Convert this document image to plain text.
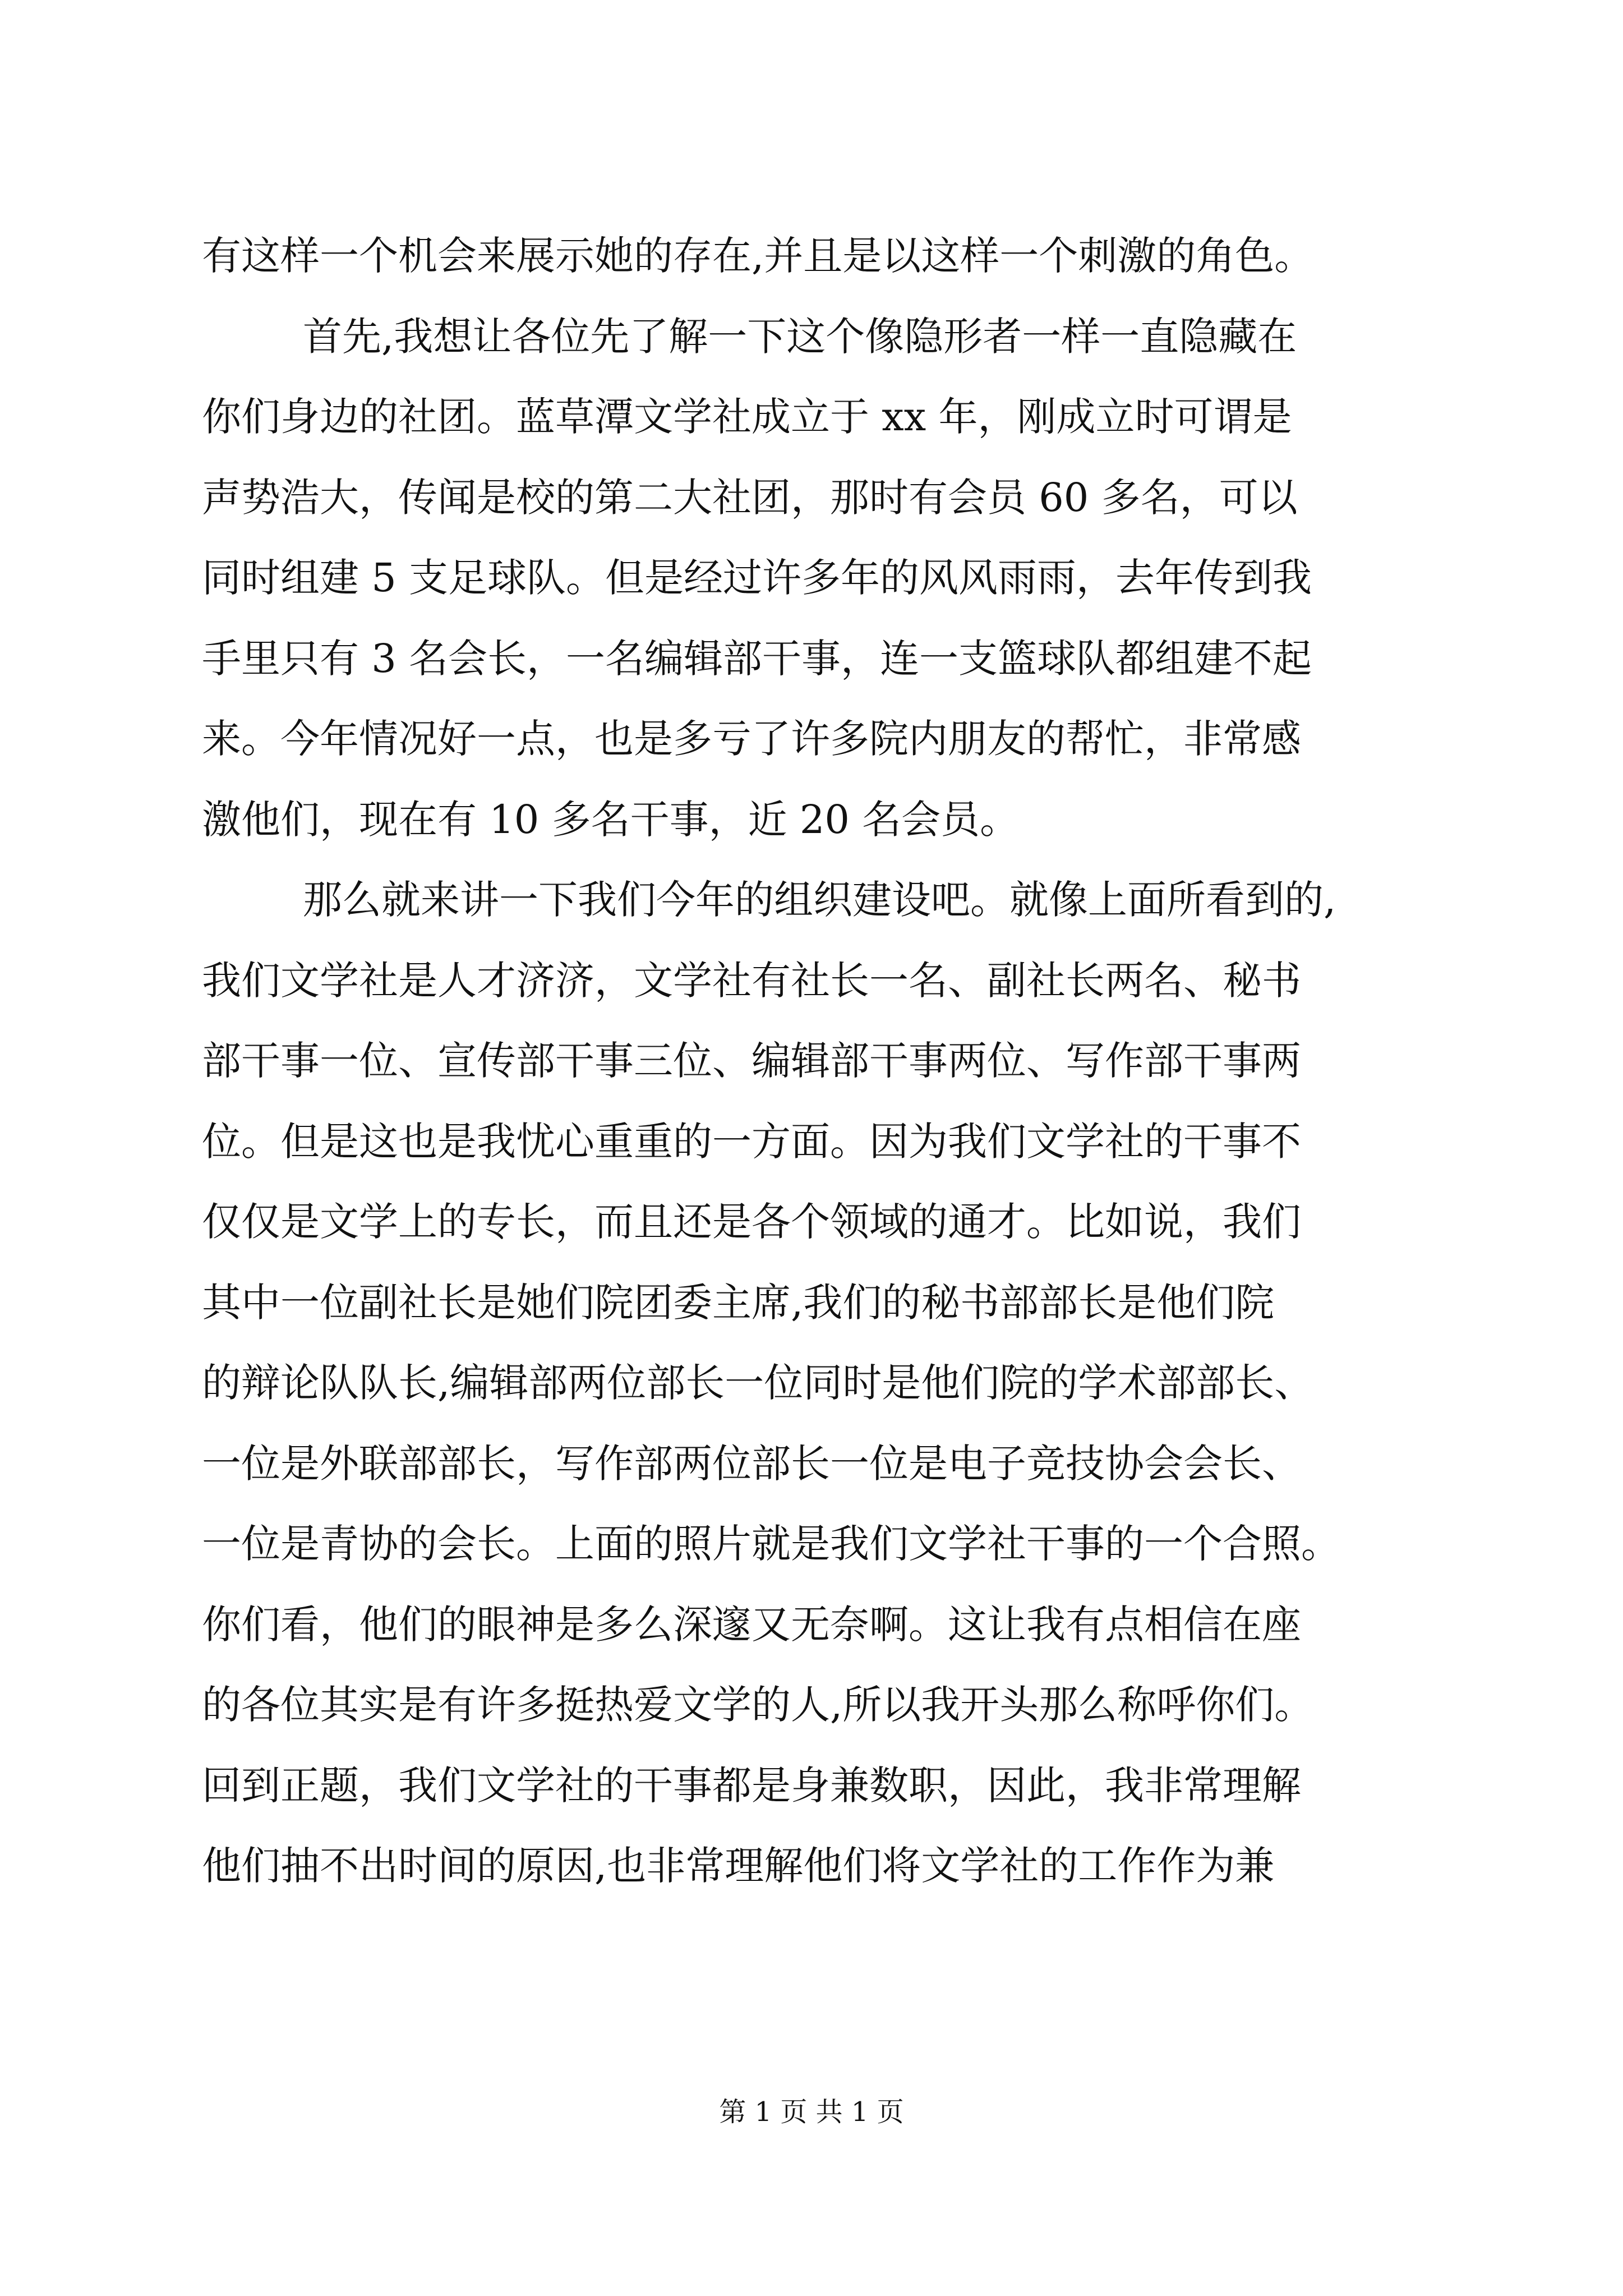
有这样一个机会来展示她的存在,并且是以这样一个刺激的角色。
首先,我想让各位先了解一下这个像隐形者一样一直隐藏在
你们身边的社团。蓝草潭文学社成立于 xx 年，刚成立时可谓是
声势浩大，传闻是校的第二大社团，那时有会员 60 多名，可以
同时组建 5 支足球队。但是经过许多年的风风雨雨，去年传到我
手里只有 3 名会长，一名编辑部干事，连一支篮球队都组建不起
来。今年情况好一点，也是多亏了许多院内朋友的帮忙，非常感
激他们，现在有 10 多名干事，近 20 名会员。
那么就来讲一下我们今年的组织建设吧。就像上面所看到的,
我们文学社是人才济济，文学社有社长一名、副社长两名、秘书
部干事一位、宣传部干事三位、编辑部干事两位、写作部干事两
位。但是这也是我忧心重重的一方面。因为我们文学社的干事不
仅仅是文学上的专长，而且还是各个领域的通才。比如说，我们
其中一位副社长是她们院团委主席,我们的秘书部部长是他们院
的辩论队队长,编辑部两位部长一位同时是他们院的学术部部长、
一位是外联部部长，写作部两位部长一位是电子竞技协会会长、
一位是青协的会长。上面的照片就是我们文学社干事的一个合照。
你们看，他们的眼神是多么深邃又无奈啊。这让我有点相信在座
的各位其实是有许多挺热爱文学的人,所以我开头那么称呼你们。
回到正题，我们文学社的干事都是身兼数职，因此，我非常理解
他们抽不出时间的原因,也非常理解他们将文学社的工作作为兼
第 1 页 共 1 页
